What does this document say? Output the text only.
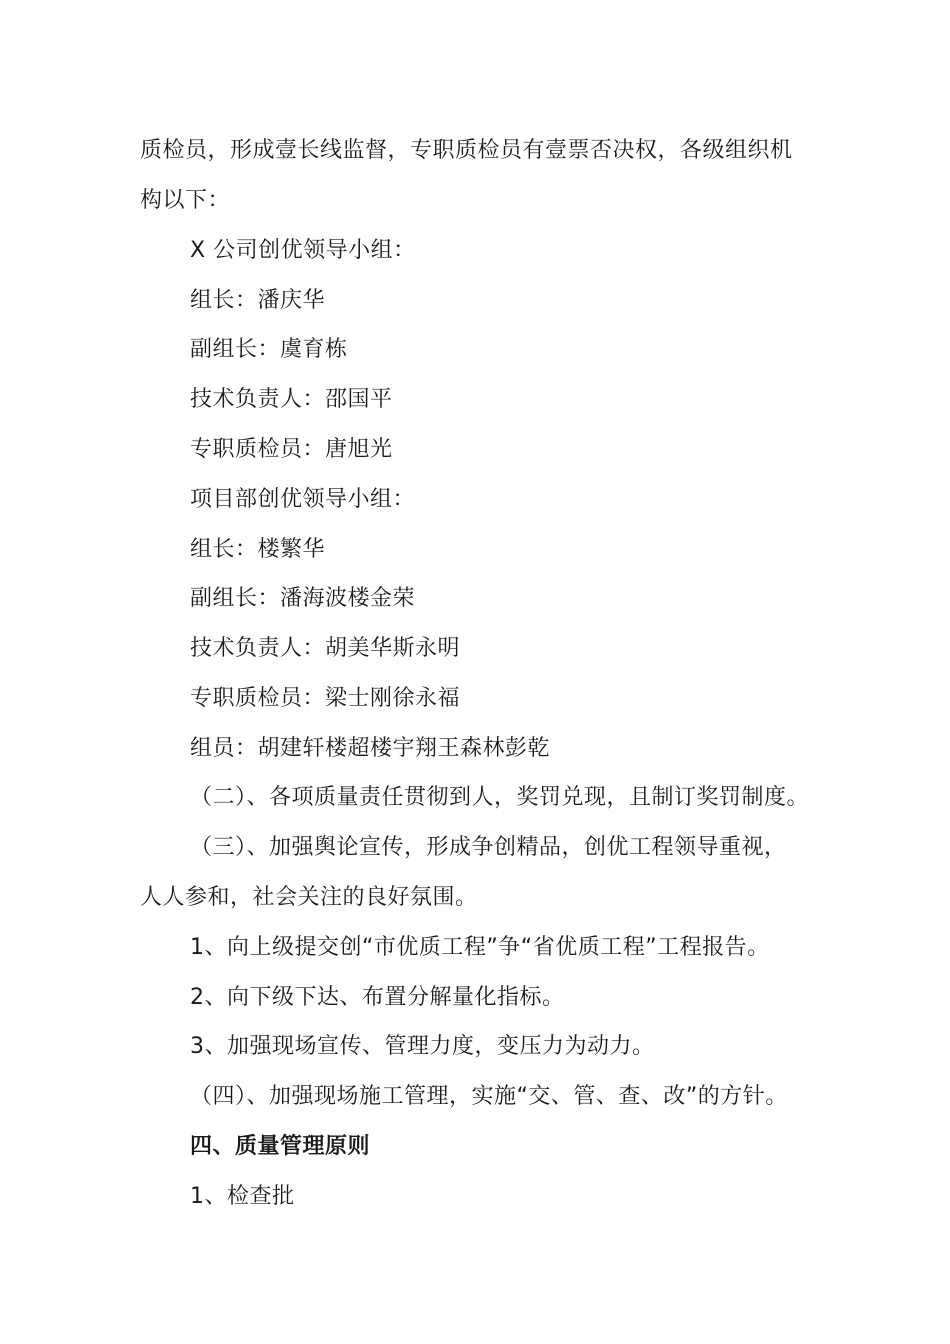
质检员，形成壹长线监督，专职质检员有壹票否决权，各级组织机
构以下：
X 公司创优领导小组：
组长：潘庆华
副组长：虞育栋
技术负责人：邵国平
专职质检员：唐旭光
项目部创优领导小组：
组长：楼繁华
副组长：潘海波楼金荣
技术负责人：胡美华斯永明
专职质检员：梁士刚徐永福
组员：胡建轩楼超楼宇翔王森林彭乾
（二）、各项质量责任贯彻到人，奖罚兑现，且制订奖罚制度。
（三）、加强舆论宣传，形成争创精品，创优工程领导重视，
人人参和，社会关注的良好氛围。
1、向上级提交创“市优质工程”争“省优质工程”工程报告。
2、向下级下达、布置分解量化指标。
3、加强现场宣传、管理力度，变压力为动力。
（四）、加强现场施工管理，实施“交、管、查、改”的方针。
四、质量管理原则
1、检查批
